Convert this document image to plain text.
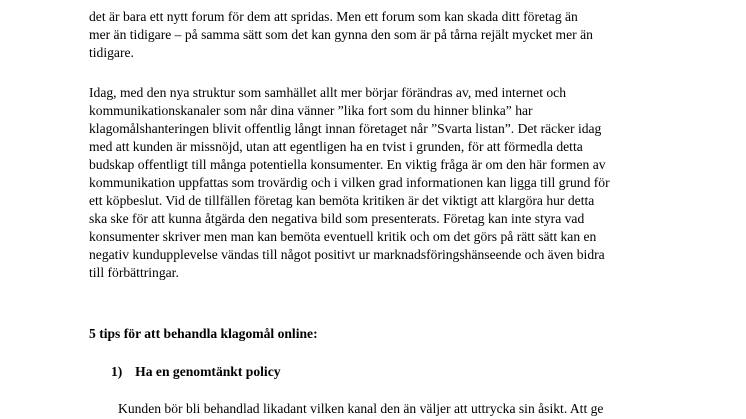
det är bara ett nytt forum för dem att spridas. Men ett forum som kan skada ditt företag än
mer än tidigare – på samma sätt som det kan gynna den som är på tårna rejält mycket mer än
tidigare.
Idag, med den nya struktur som samhället allt mer börjar förändras av, med internet och
kommunikationskanaler som når dina vänner ”lika fort som du hinner blinka” har
klagomålshanteringen blivit offentlig långt innan företaget når ”Svarta listan”. Det räcker idag
med att kunden är missnöjd, utan att egentligen ha en tvist i grunden, för att förmedla detta
budskap offentligt till många potentiella konsumenter. En viktig fråga är om den här formen av
kommunikation uppfattas som trovärdig och i vilken grad informationen kan ligga till grund för
ett köpbeslut. Vid de tillfällen företag kan bemöta kritiken är det viktigt att klargöra hur detta
ska ske för att kunna åtgärda den negativa bild som presenterats. Företag kan inte styra vad
konsumenter skriver men man kan bemöta eventuell kritik och om det görs på rätt sätt kan en
negativ kundupplevelse vändas till något positivt ur marknadsföringshänseende och även bidra
till förbättringar.
5 tips för att behandla klagomål online:
1) Ha en genomtänkt policy
Kunden bör bli behandlad likadant vilken kanal den än väljer att uttrycka sin åsikt. Att ge
